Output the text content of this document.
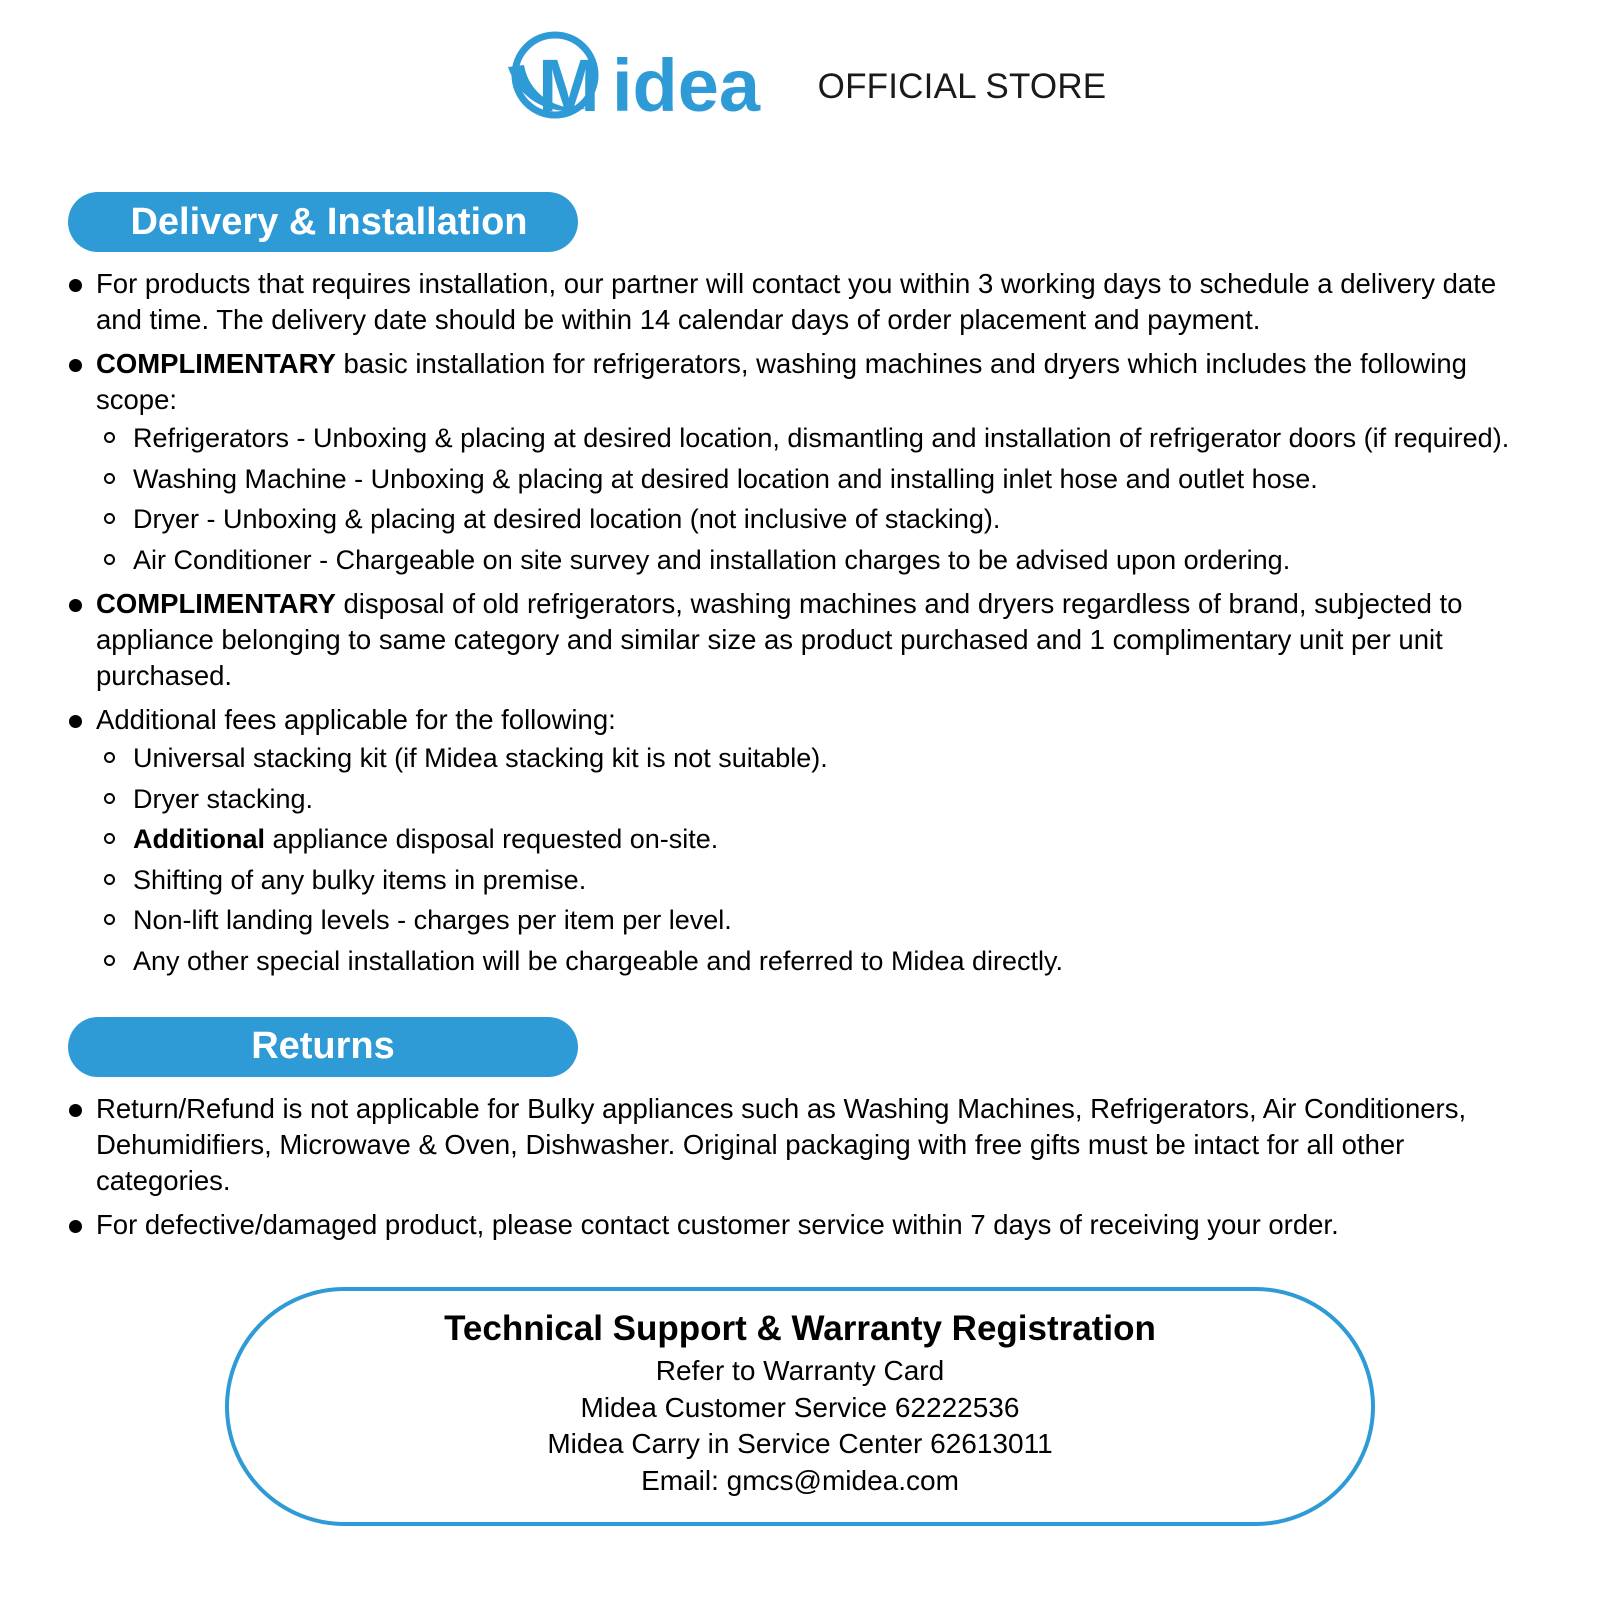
M idea OFFICIAL STORE
Delivery & Installation
For products that requires installation, our partner will contact you within 3 working days to schedule a delivery date and time. The delivery date should be within 14 calendar days of order placement and payment.
COMPLIMENTARY basic installation for refrigerators, washing machines and dryers which includes the following scope:
Refrigerators - Unboxing & placing at desired location, dismantling and installation of refrigerator doors (if required).
Washing Machine - Unboxing & placing at desired location and installing inlet hose and outlet hose.
Dryer - Unboxing & placing at desired location (not inclusive of stacking).
Air Conditioner - Chargeable on site survey and installation charges to be advised upon ordering.
COMPLIMENTARY disposal of old refrigerators, washing machines and dryers regardless of brand, subjected to appliance belonging to same category and similar size as product purchased and 1 complimentary unit per unit purchased.
Additional fees applicable for the following:
Universal stacking kit (if Midea stacking kit is not suitable).
Dryer stacking.
Additional appliance disposal requested on-site.
Shifting of any bulky items in premise.
Non-lift landing levels - charges per item per level.
Any other special installation will be chargeable and referred to Midea directly.
Returns
Return/Refund is not applicable for Bulky appliances such as Washing Machines, Refrigerators, Air Conditioners, Dehumidifiers, Microwave & Oven, Dishwasher. Original packaging with free gifts must be intact for all other categories.
For defective/damaged product, please contact customer service within 7 days of receiving your order.
Technical Support & Warranty Registration
Refer to Warranty Card
Midea Customer Service 62222536
Midea Carry in Service Center 62613011
Email: gmcs@midea.com
